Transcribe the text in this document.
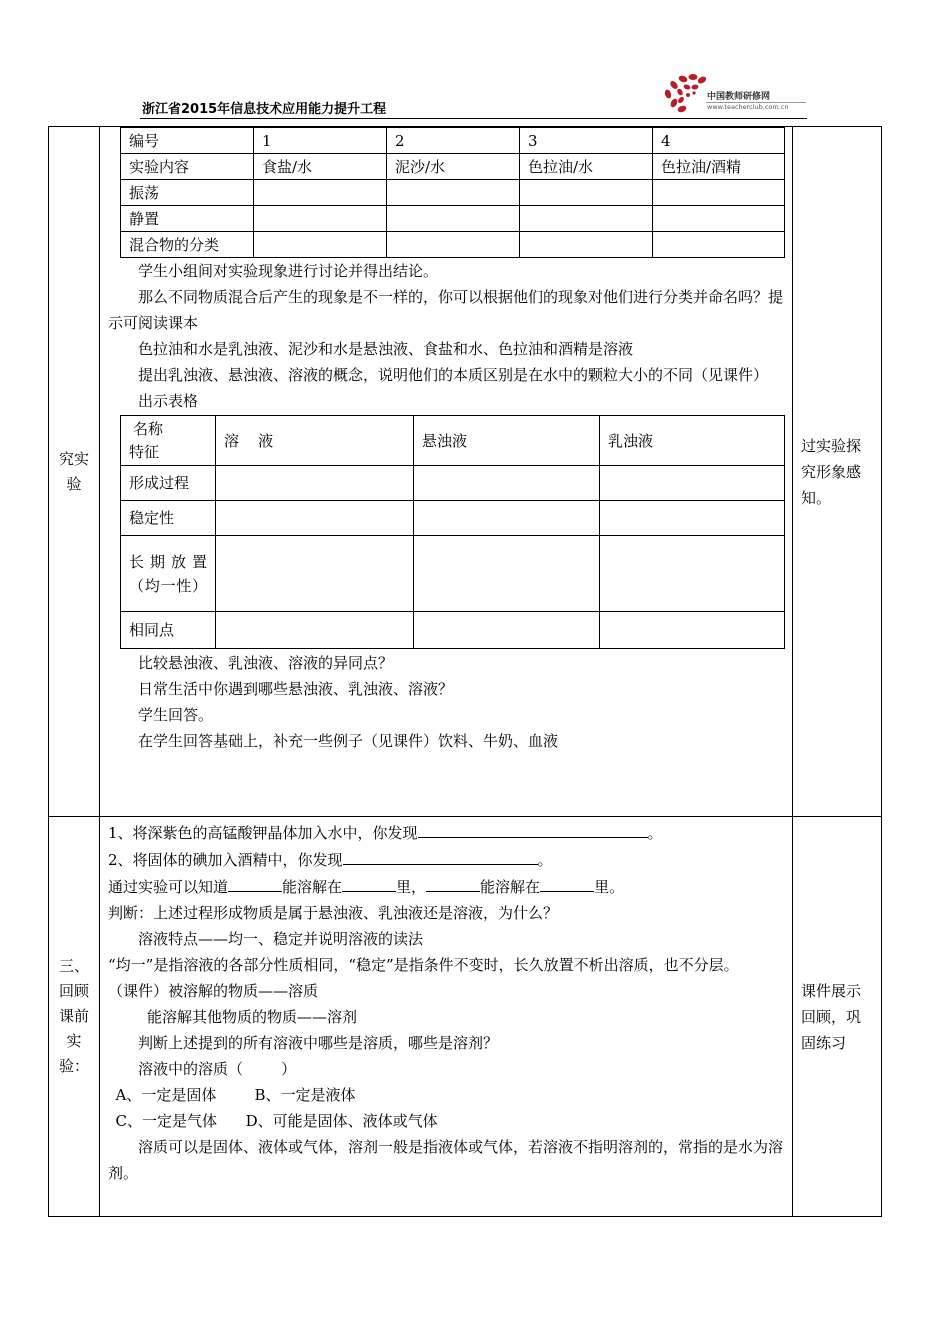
浙江省2015年信息技术应用能力提升工程
中国教师研修网
www.teacherclub.com.cn
究实验

编号	1	2	3	4
实验内容	食盐/水	泥沙/水	色拉油/水	色拉油/酒精
振荡				
静置				
混合物的分类				

学生小组间对实验现象进行讨论并得出结论。

那么不同物质混合后产生的现象是不一样的，你可以根据他们的现象对他们进行分类并命名吗？提示可阅读课本

色拉油和水是乳浊液、泥沙和水是悬浊液、食盐和水、色拉油和酒精是溶液

提出乳浊液、悬浊液、溶液的概念，说明他们的本质区别是在水中的颗粒大小的不同（见课件）

出示表格

名称
特征
	溶    液	悬浊液	乳浊液
形成过程			
稳定性			
长期放置（均一性）			
相同点			

比较悬浊液、乳浊液、溶液的异同点？

日常生活中你遇到哪些悬浊液、乳浊液、溶液？

学生回答。

在学生回答基础上，补充一些例子（见课件）饮料、牛奶、血液

	过实验探究形象感知。

三、回顾课前实验：

1、将深紫色的高锰酸钾晶体加入水中，你发现	。

2、将固体的碘加入酒精中，你发现	。

通过实验可以知道	能溶解在	里，	能溶解在	里。

判断：上述过程形成物质是属于悬浊液、乳浊液还是溶液，为什么？

溶液特点——均一、稳定并说明溶液的读法

“均一”是指溶液的各部分性质相同，“稳定”是指条件不变时，长久放置不析出溶质，也不分层。

（课件）被溶解的物质——溶质

能溶解其他物质的物质——溶剂

判断上述提到的所有溶液中哪些是溶质，哪些是溶剂？

溶液中的溶质（        ）

A、一定是固体        B、一定是液体

C、一定是气体      D、可能是固体、液体或气体

溶质可以是固体、液体或气体，溶剂一般是指液体或气体，若溶液不指明溶剂的，常指的是水为溶剂。

	课件展示回顾，巩固练习
